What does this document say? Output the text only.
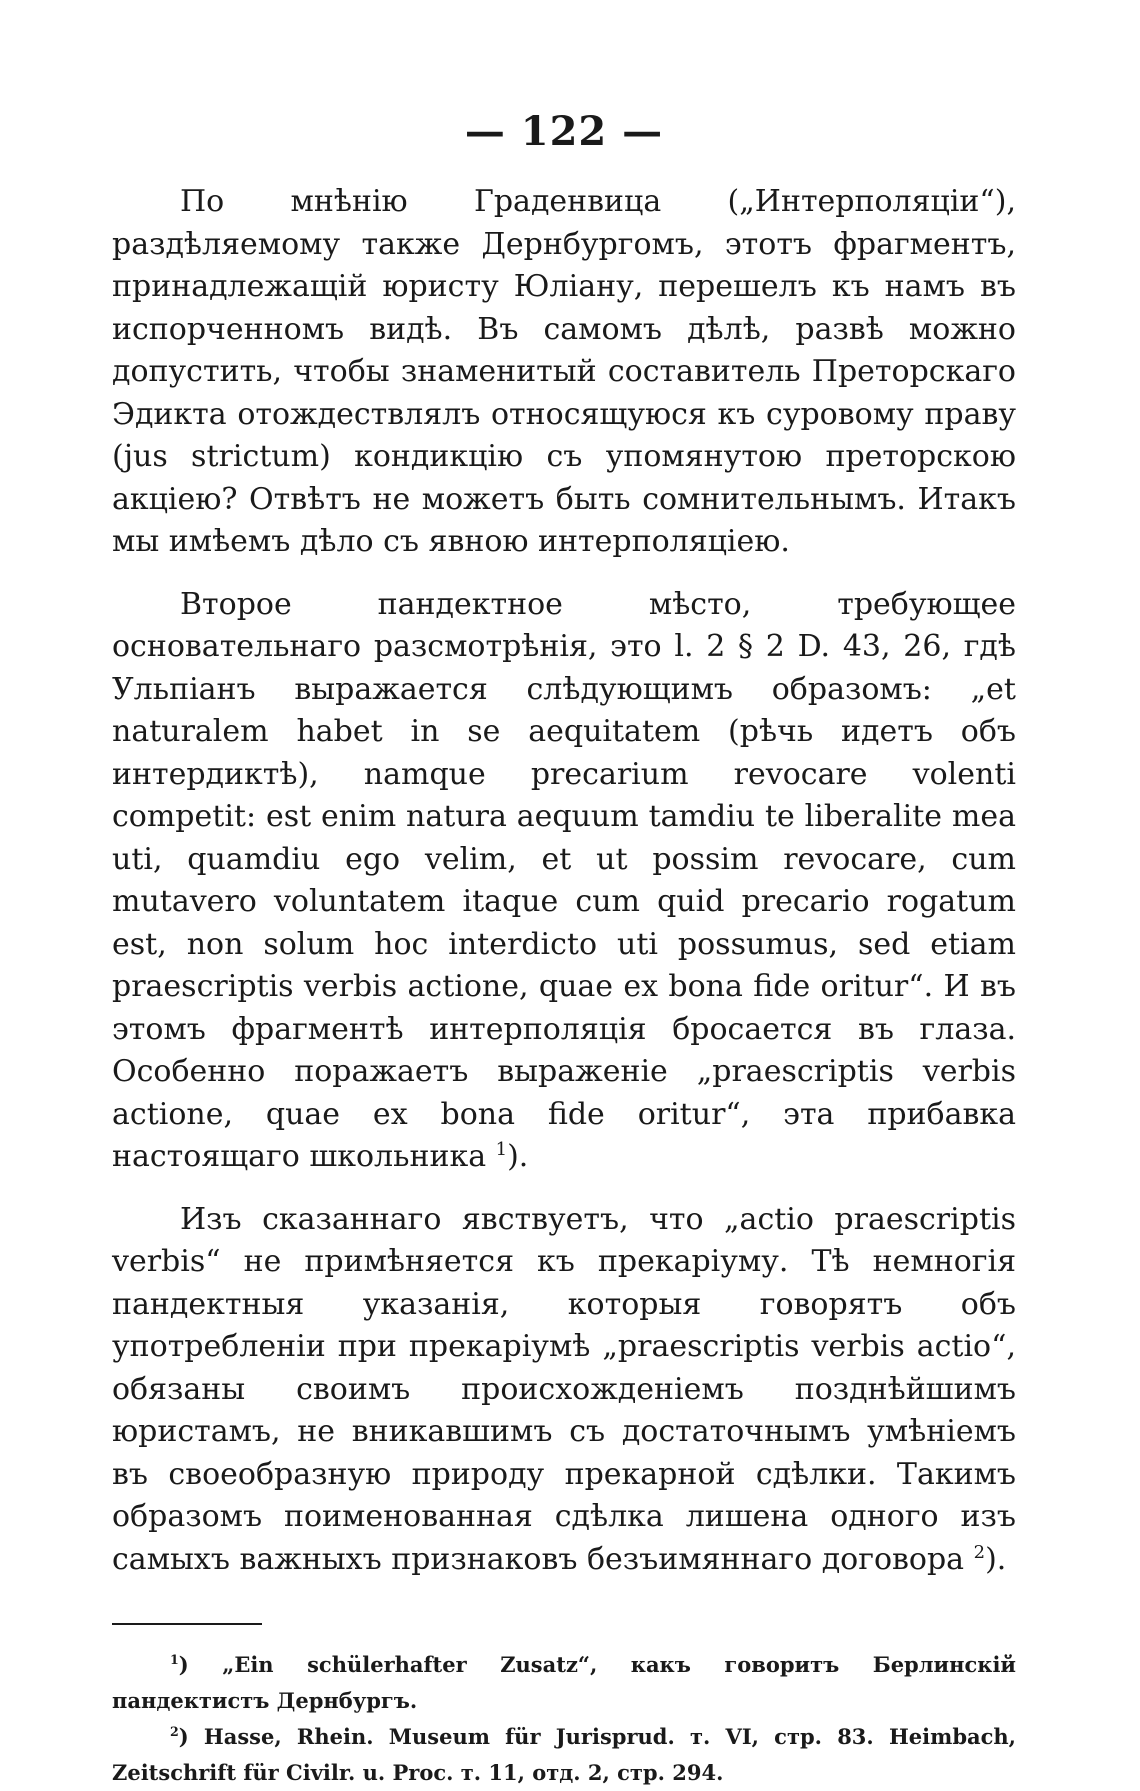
— 122 —

По мнѣнію Граденвица („Интерполяціи“), раздѣляемому также Дернбургомъ, этотъ фрагментъ, принадлежащій юристу Юліану, перешелъ къ намъ въ испорченномъ видѣ. Въ самомъ дѣлѣ, развѣ можно допустить, чтобы знаменитый составитель Преторскаго Эдикта отождествлялъ относящуюся къ суровому праву (jus strictum) кондикцію съ упомянутою преторскою акціею? Отвѣтъ не можетъ быть сомнительнымъ. Итакъ мы имѣемъ дѣло съ явною интерполяціею.

Второе пандектное мѣсто, требующее основательнаго разсмотрѣнія, это l. 2 § 2 D. 43, 26, гдѣ Ульпіанъ выражается слѣдующимъ образомъ: „et naturalem habet in se aequitatem (рѣчь идетъ объ интердиктѣ), namque precarium revocare volenti competit: est enim natura aequum tamdiu te liberalite mea uti, quamdiu ego velim, et ut possim revocare, cum mutavero voluntatem itaque cum quid precario rogatum est, non solum hoc interdicto uti possumus, sed etiam praescriptis verbis actione, quae ex bona fide oritur“. И въ этомъ фрагментѣ интерполяція бросается въ глаза. Особенно поражаетъ выраженіе „praescriptis verbis actione, quae ex bona fide oritur“, эта прибавка настоящаго школьника $^1$).

Изъ сказаннаго явствуетъ, что „actio praescriptis verbis“ не примѣняется къ прекаріуму. Тѣ немногія пандектныя указанія, которыя говорятъ объ употребленіи при прекаріумѣ „praescriptis verbis actio“, обязаны своимъ происхожденіемъ позднѣйшимъ юристамъ, не вникавшимъ съ достаточнымъ умѣніемъ въ своеобразную природу прекарной сдѣлки. Такимъ образомъ поименованная сдѣлка лишена одного изъ самыхъ важныхъ признаковъ безъимяннаго договора $^2$).

$^1$) „Ein schülerhafter Zusatz“, какъ говоритъ Берлинскій пандектистъ Дернбургъ.

$^2$) Hasse, Rhein. Museum für Jurisprud. т. VI, стр. 83. Heimbach, Zeitschrift für Civilr. u. Proc. т. 11, отд. 2, стр. 294.
